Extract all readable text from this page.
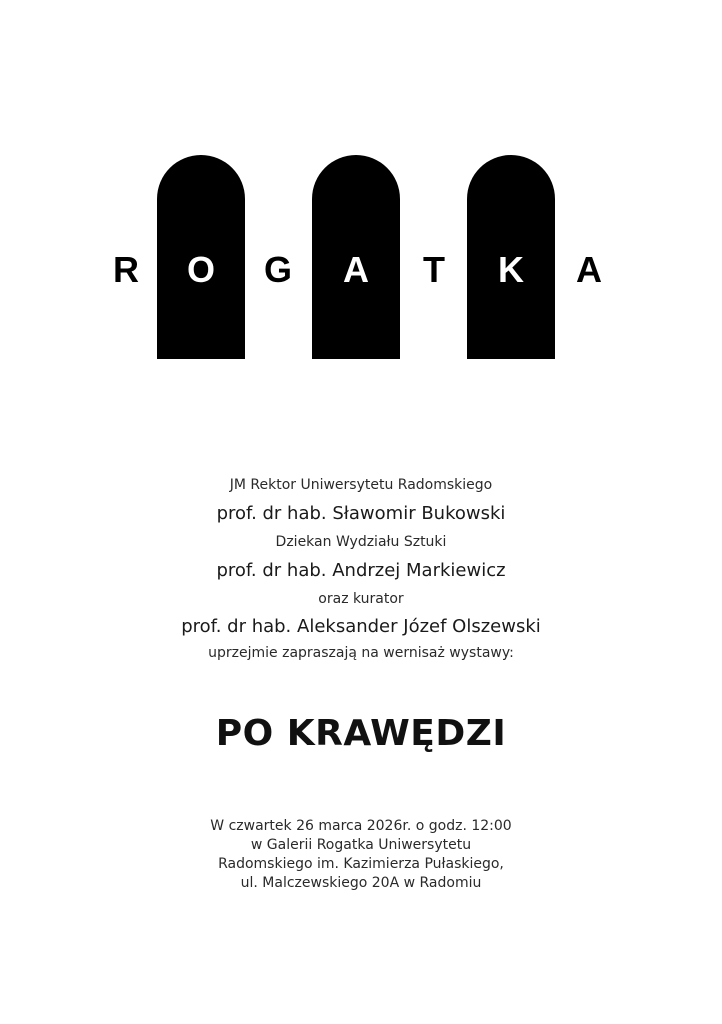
R O G A T K A
JM Rektor Uniwersytetu Radomskiego
prof. dr hab. Sławomir Bukowski
Dziekan Wydziału Sztuki
prof. dr hab. Andrzej Markiewicz
oraz kurator
prof. dr hab. Aleksander Józef Olszewski
uprzejmie zapraszają na wernisaż wystawy:
PO KRAWĘDZI
W czwartek 26 marca 2026r. o godz. 12:00
w Galerii Rogatka Uniwersytetu
Radomskiego im. Kazimierza Pułaskiego,
ul. Malczewskiego 20A w Radomiu
